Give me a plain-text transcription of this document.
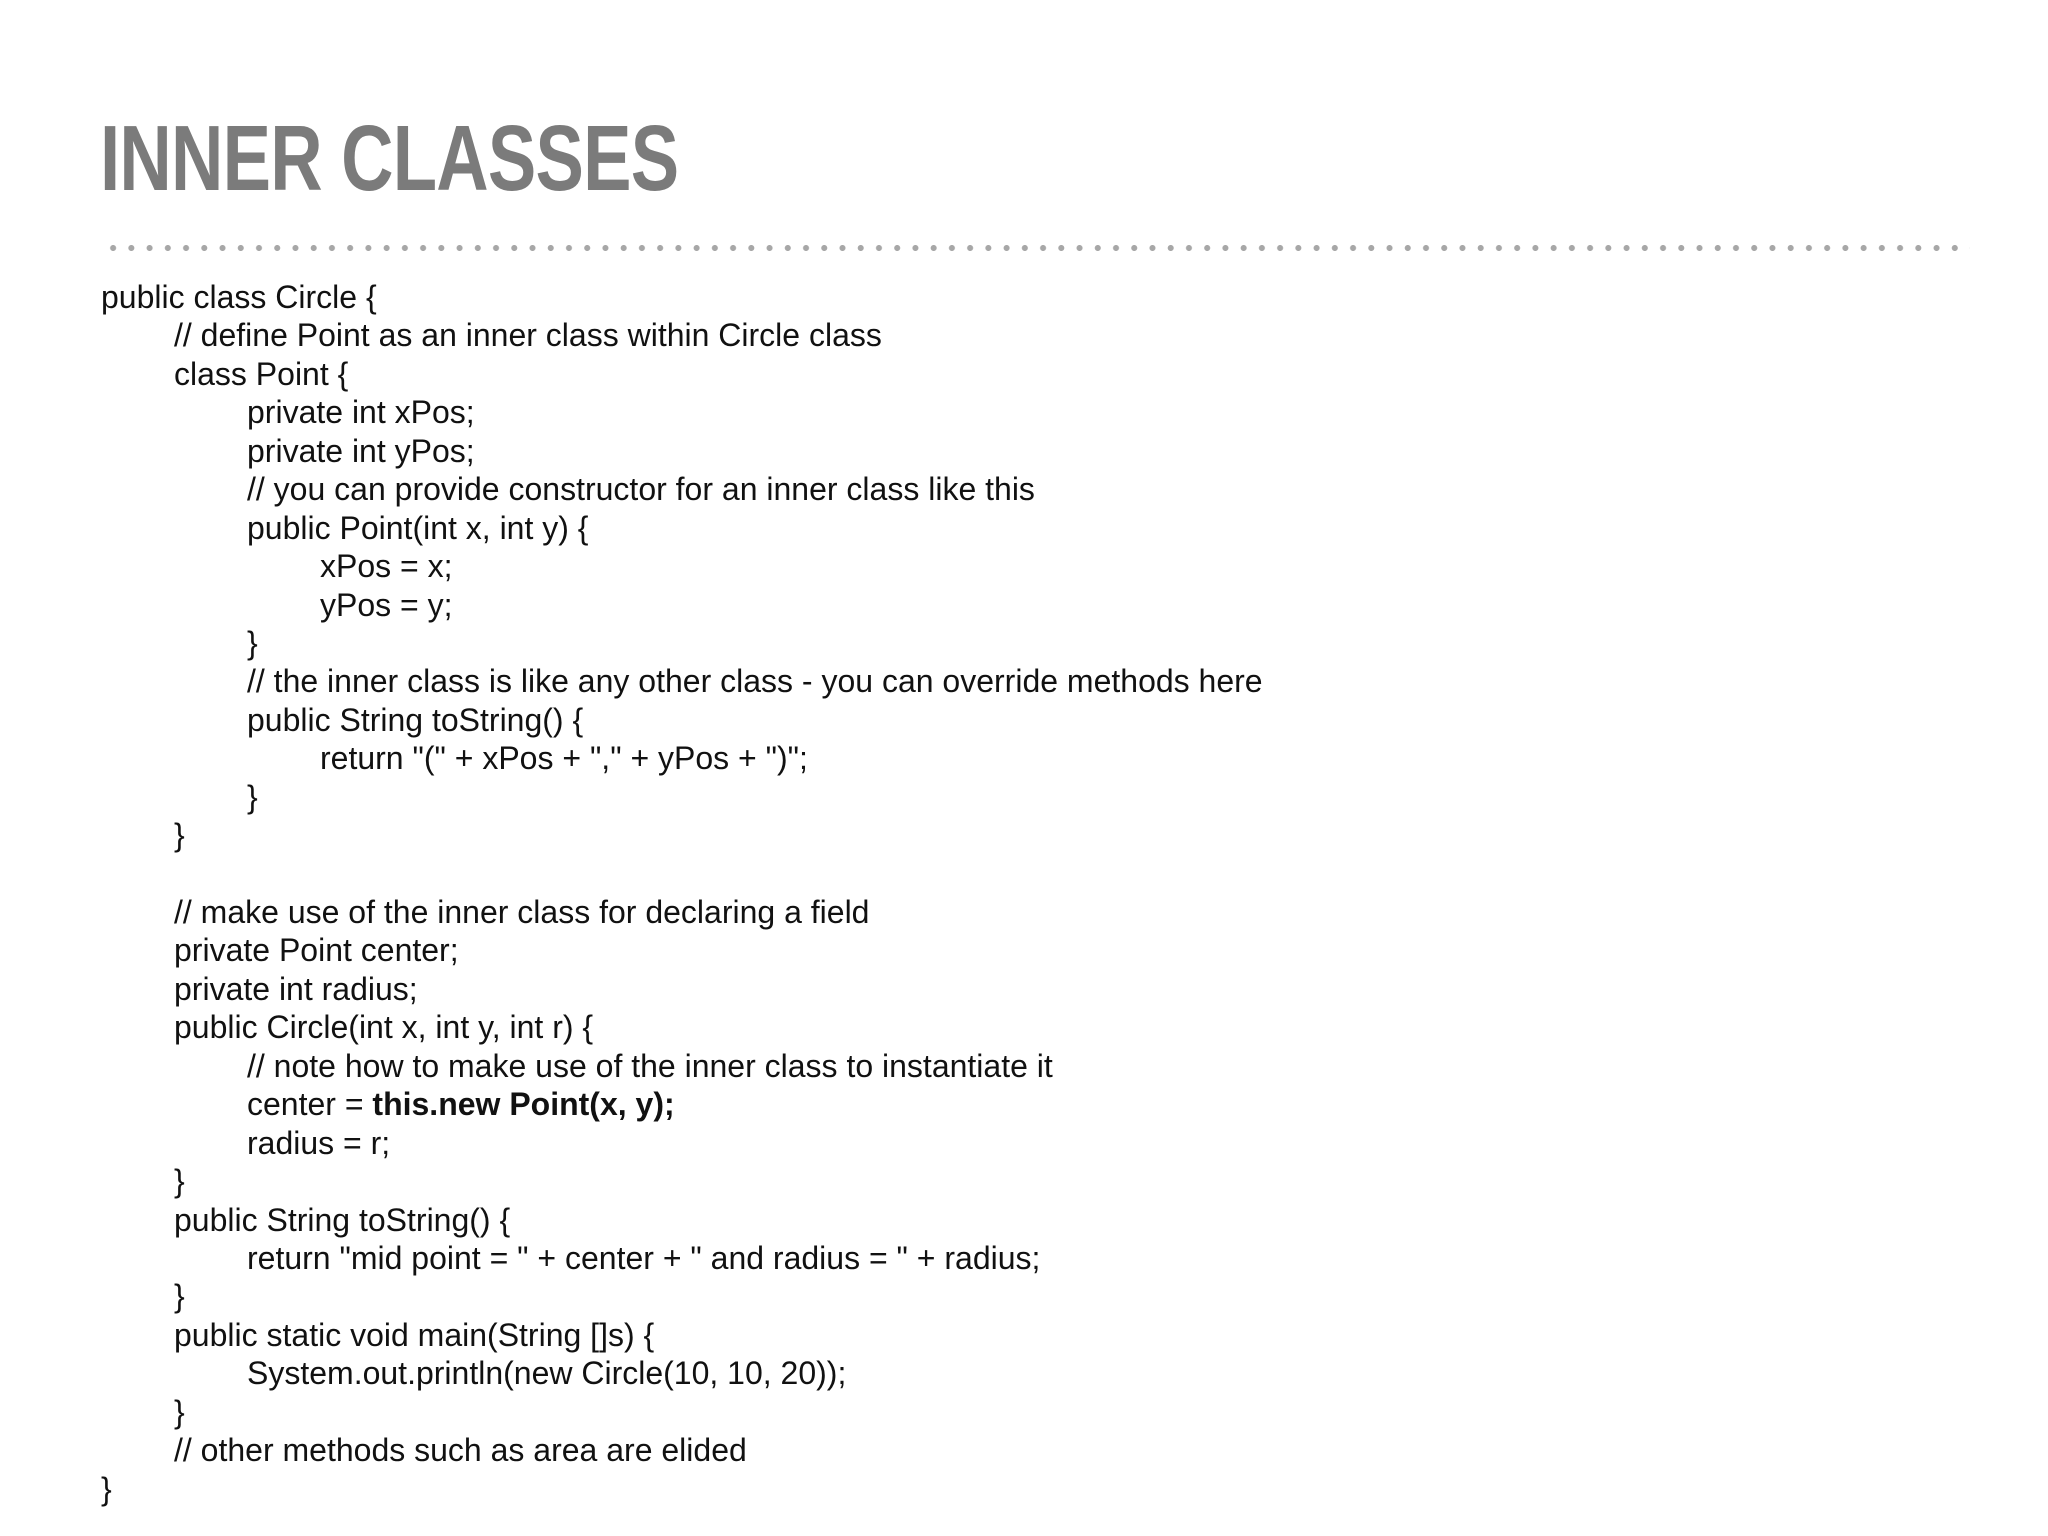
INNER CLASSES
public class Circle {
// define Point as an inner class within Circle class
class Point {
private int xPos;
private int yPos;
// you can provide constructor for an inner class like this
public Point(int x, int y) {
xPos = x;
yPos = y;
}
// the inner class is like any other class - you can override methods here
public String toString() {
return "(" + xPos + "," + yPos + ")";
}
}
// make use of the inner class for declaring a field
private Point center;
private int radius;
public Circle(int x, int y, int r) {
// note how to make use of the inner class to instantiate it
center = this.new Point(x, y);
radius = r;
}
public String toString() {
return "mid point = " + center + " and radius = " + radius;
}
public static void main(String []s) {
System.out.println(new Circle(10, 10, 20));
}
// other methods such as area are elided
}
